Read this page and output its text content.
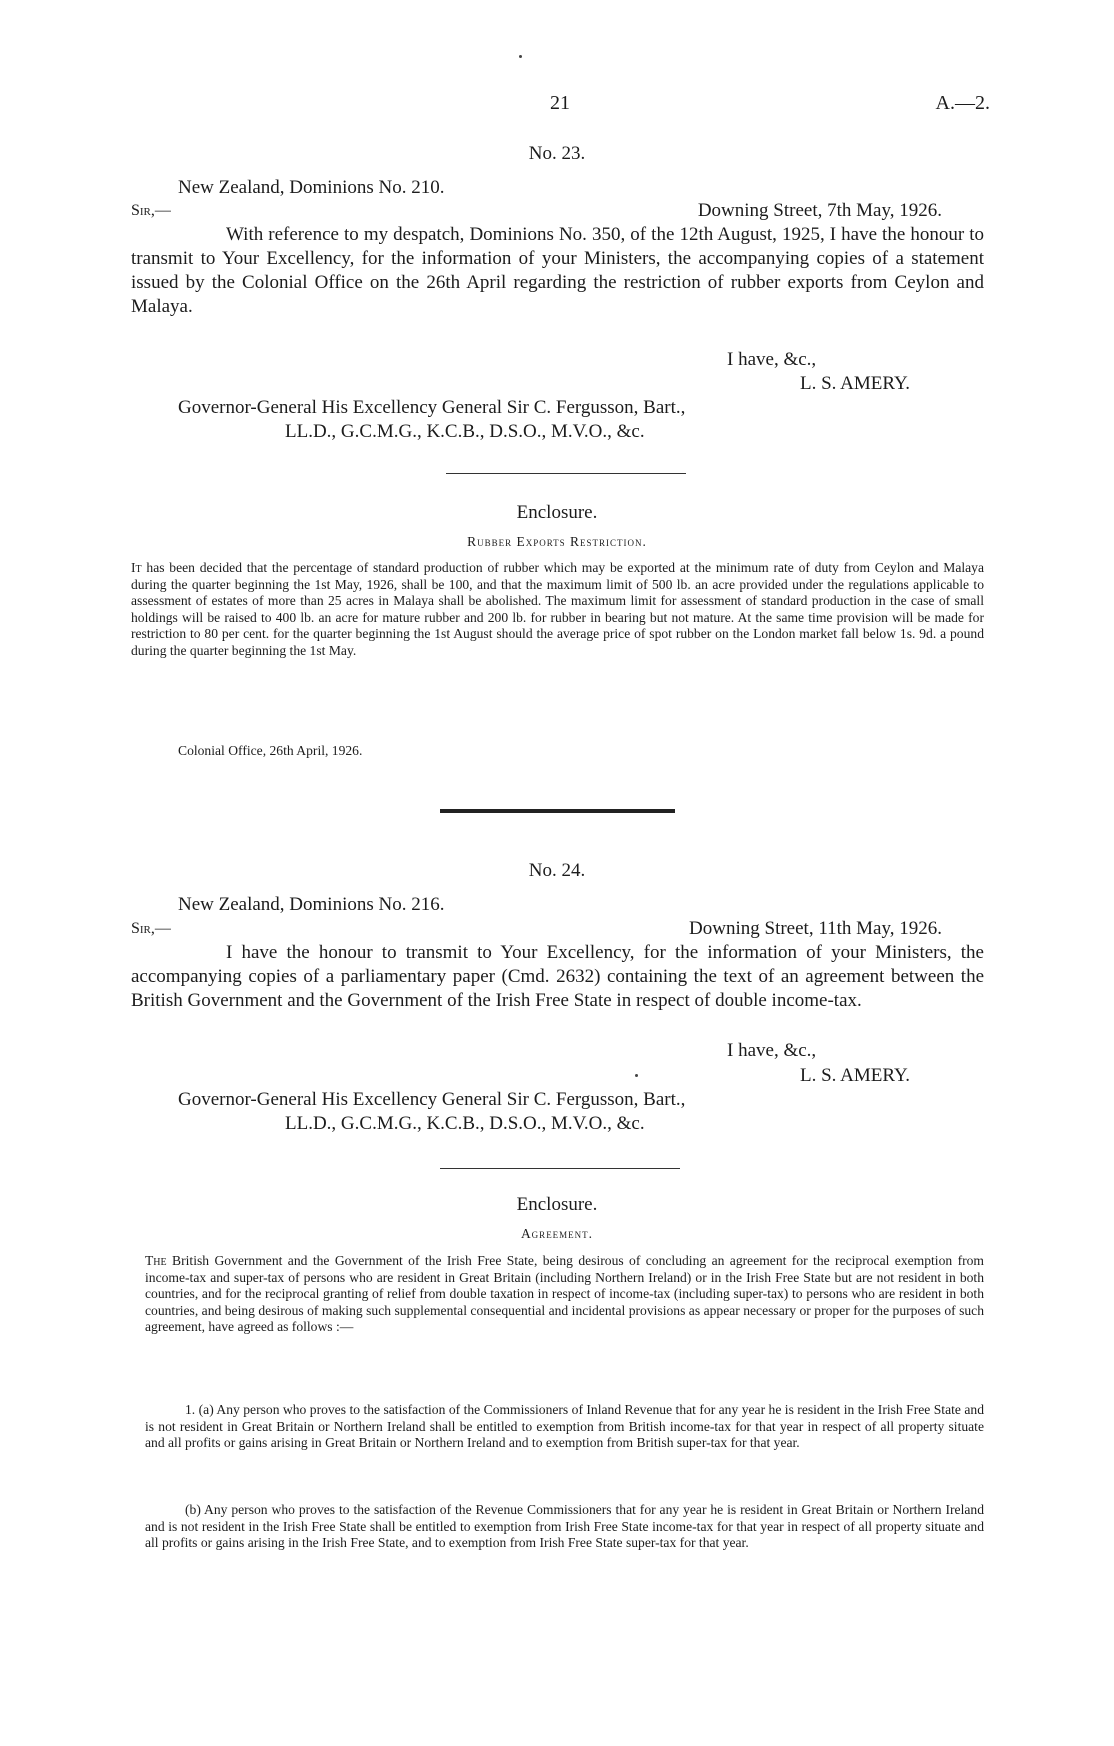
21	A.—2.
No. 23.
New Zealand, Dominions No. 210.
Sir,—	Downing Street, 7th May, 1926.

With reference to my despatch, Dominions No. 350, of the 12th August, 1925, I have the honour to transmit to Your Excellency, for the information of your Ministers, the accompanying copies of a statement issued by the Colonial Office on the 26th April regarding the restriction of rubber exports from Ceylon and Malaya.

I have, &c.,
L. S. AMERY.
Governor-General His Excellency General Sir C. Fergusson, Bart.,
LL.D., G.C.M.G., K.C.B., D.S.O., M.V.O., &c.
Enclosure.
Rubber Exports Restriction.

It has been decided that the percentage of standard production of rubber which may be exported at the minimum rate of duty from Ceylon and Malaya during the quarter beginning the 1st May, 1926, shall be 100, and that the maximum limit of 500 lb. an acre provided under the regulations applicable to assessment of estates of more than 25 acres in Malaya shall be abolished. The maximum limit for assessment of standard production in the case of small holdings will be raised to 400 lb. an acre for mature rubber and 200 lb. for rubber in bearing but not mature. At the same time provision will be made for restriction to 80 per cent. for the quarter beginning the 1st August should the average price of spot rubber on the London market fall below 1s. 9d. a pound during the quarter beginning the 1st May.

Colonial Office, 26th April, 1926.
No. 24.
New Zealand, Dominions No. 216.
Sir,—	Downing Street, 11th May, 1926.

I have the honour to transmit to Your Excellency, for the information of your Ministers, the accompanying copies of a parliamentary paper (Cmd. 2632) containing the text of an agreement between the British Government and the Government of the Irish Free State in respect of double income-tax.

I have, &c.,
L. S. AMERY.
Governor-General His Excellency General Sir C. Fergusson, Bart.,
LL.D., G.C.M.G., K.C.B., D.S.O., M.V.O., &c.
Enclosure.
Agreement.

The British Government and the Government of the Irish Free State, being desirous of concluding an agreement for the reciprocal exemption from income-tax and super-tax of persons who are resident in Great Britain (including Northern Ireland) or in the Irish Free State but are not resident in both countries, and for the reciprocal granting of relief from double taxation in respect of income-tax (including super-tax) to persons who are resident in both countries, and being desirous of making such supplemental consequential and incidental provisions as appear necessary or proper for the purposes of such agreement, have agreed as follows :—

1. (a) Any person who proves to the satisfaction of the Commissioners of Inland Revenue that for any year he is resident in the Irish Free State and is not resident in Great Britain or Northern Ireland shall be entitled to exemption from British income-tax for that year in respect of all property situate and all profits or gains arising in Great Britain or Northern Ireland and to exemption from British super-tax for that year.

(b) Any person who proves to the satisfaction of the Revenue Commissioners that for any year he is resident in Great Britain or Northern Ireland and is not resident in the Irish Free State shall be entitled to exemption from Irish Free State income-tax for that year in respect of all property situate and all profits or gains arising in the Irish Free State, and to exemption from Irish Free State super-tax for that year.
